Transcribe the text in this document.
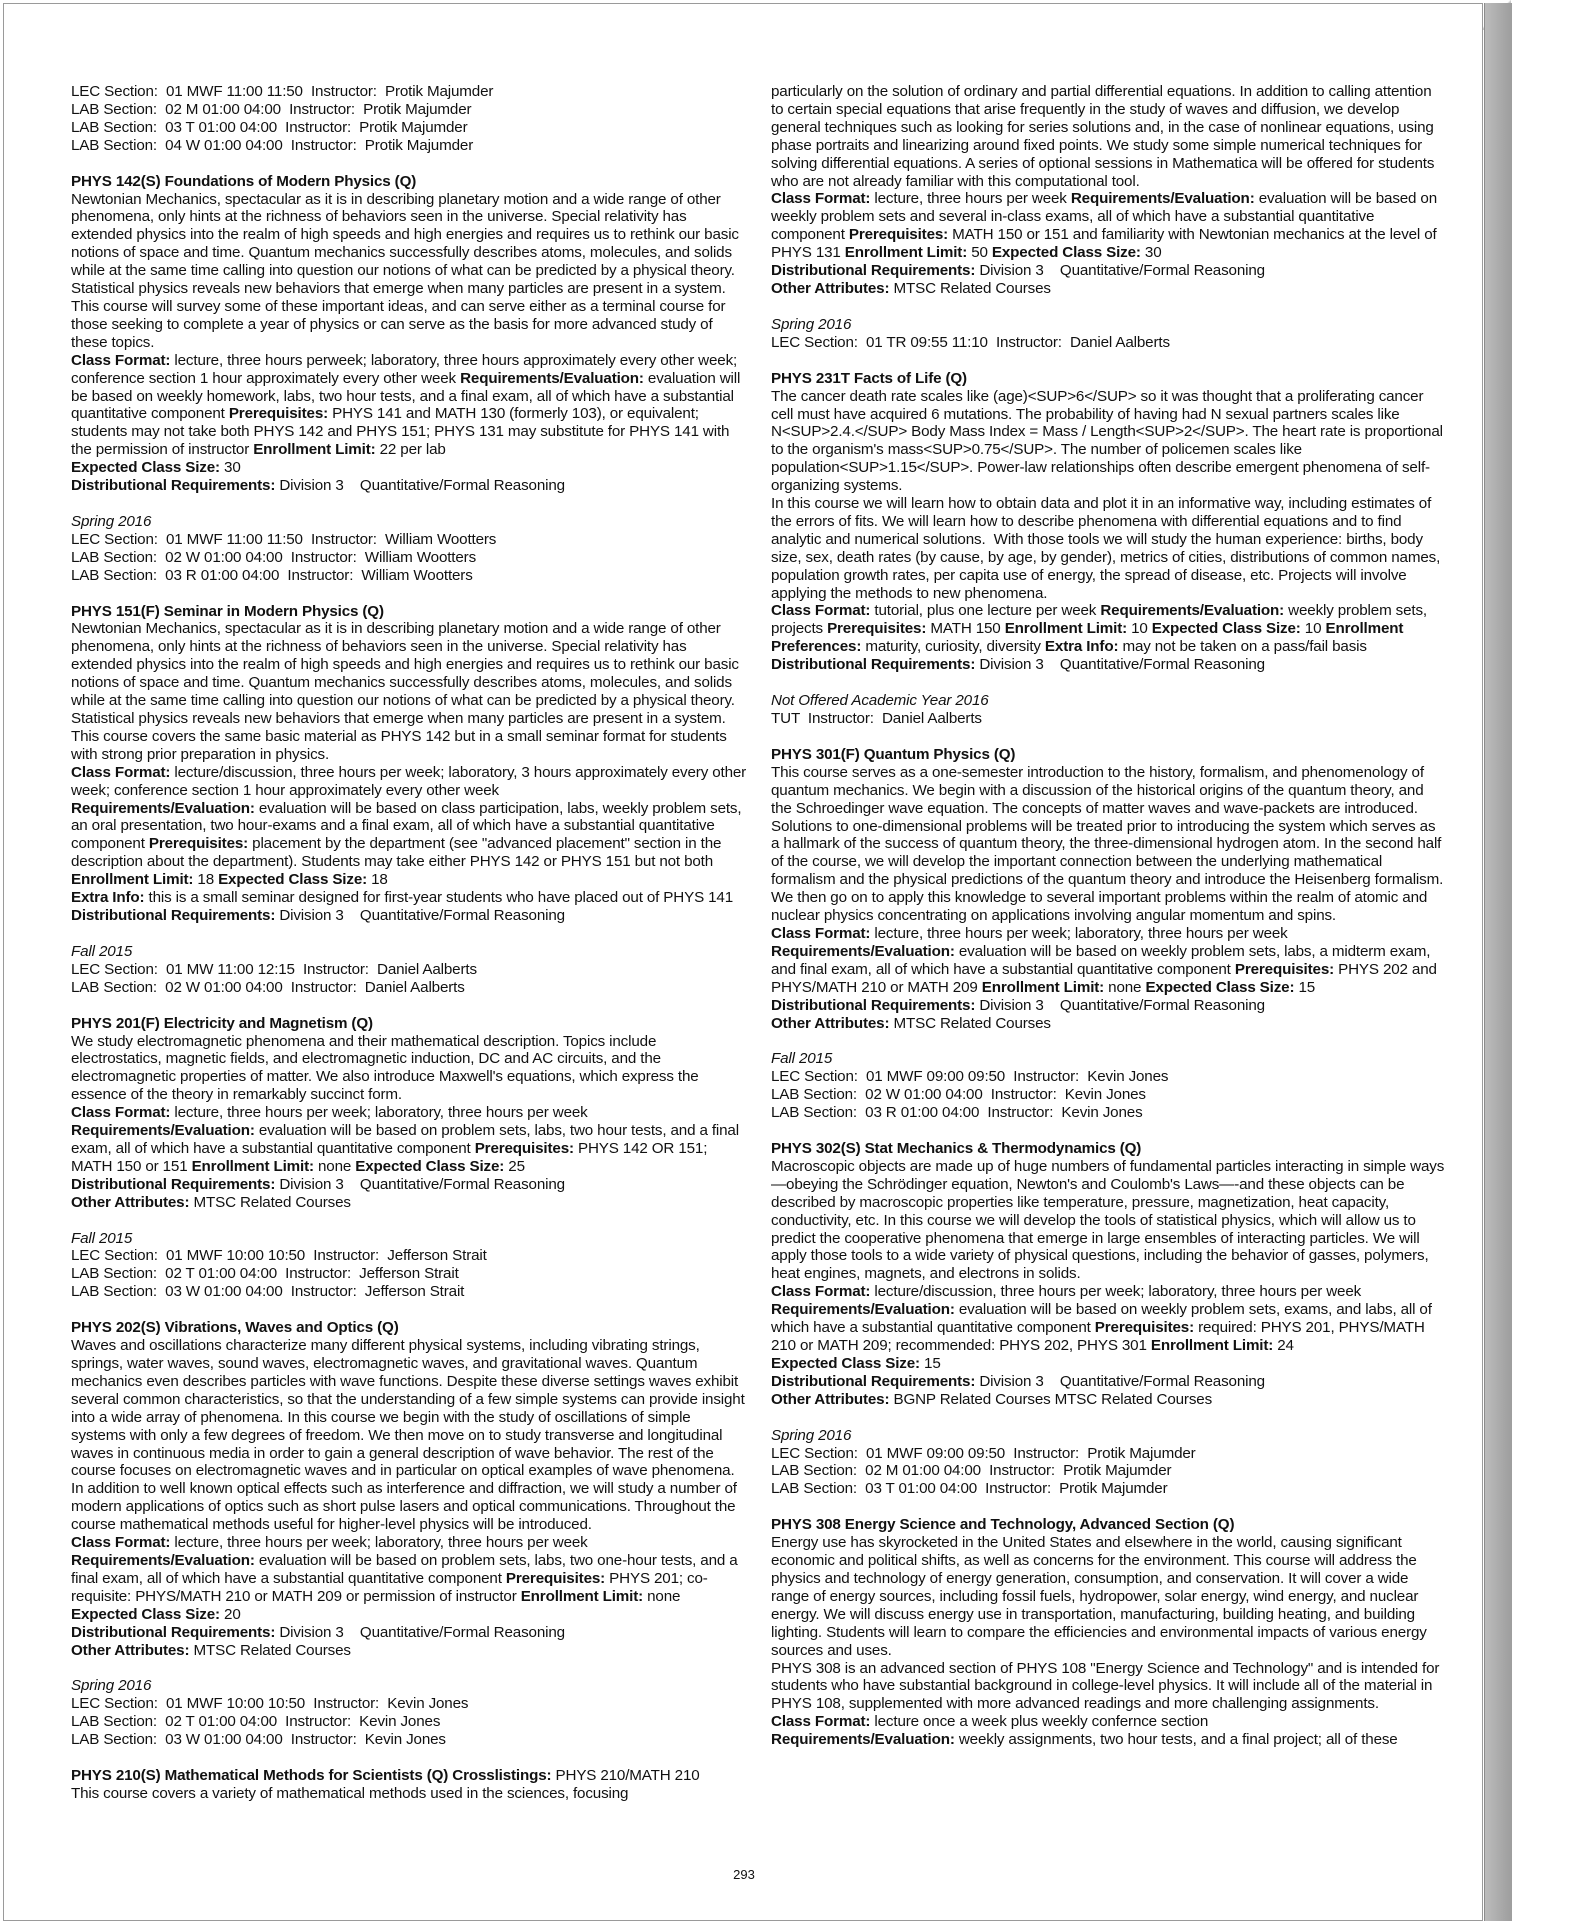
LEC Section:  01 MWF 11:00 11:50  Instructor:  Protik Majumder
LAB Section:  02 M 01:00 04:00  Instructor:  Protik Majumder
LAB Section:  03 T 01:00 04:00  Instructor:  Protik Majumder
LAB Section:  04 W 01:00 04:00  Instructor:  Protik Majumder
PHYS 142(S) Foundations of Modern Physics (Q)

Newtonian Mechanics, spectacular as it is in describing planetary motion and a wide range of other phenomena, only hints at the richness of behaviors seen in the universe. Special relativity has extended physics into the realm of high speeds and high energies and requires us to rethink our basic notions of space and time. Quantum mechanics successfully describes atoms, molecules, and solids while at the same time calling into question our notions of what can be predicted by a physical theory. Statistical physics reveals new behaviors that emerge when many particles are present in a system. This course will survey some of these important ideas, and can serve either as a terminal course for those seeking to complete a year of physics or can serve as the basis for more advanced study of these topics.

Class Format: lecture, three hours perweek; laboratory, three hours approximately every other week; conference section 1 hour approximately every other week Requirements/Evaluation: evaluation will be based on weekly homework, labs, two hour tests, and a final exam, all of which have a substantial quantitative component Prerequisites: PHYS 141 and MATH 130 (formerly 103), or equivalent; students may not take both PHYS 142 and PHYS 151; PHYS 131 may substitute for PHYS 141 with the permission of instructor Enrollment Limit: 22 per lab
Expected Class Size: 30
Distributional Requirements: Division 3    Quantitative/Formal Reasoning
Spring 2016
LEC Section:  01 MWF 11:00 11:50  Instructor:  William Wootters
LAB Section:  02 W 01:00 04:00  Instructor:  William Wootters
LAB Section:  03 R 01:00 04:00  Instructor:  William Wootters
PHYS 151(F) Seminar in Modern Physics (Q)

Newtonian Mechanics, spectacular as it is in describing planetary motion and a wide range of other phenomena, only hints at the richness of behaviors seen in the universe. Special relativity has extended physics into the realm of high speeds and high energies and requires us to rethink our basic notions of space and time. Quantum mechanics successfully describes atoms, molecules, and solids while at the same time calling into question our notions of what can be predicted by a physical theory. Statistical physics reveals new behaviors that emerge when many particles are present in a system. This course covers the same basic material as PHYS 142 but in a small seminar format for students with strong prior preparation in physics.

Class Format: lecture/discussion, three hours per week; laboratory, 3 hours approximately every other week; conference section 1 hour approximately every other week
Requirements/Evaluation: evaluation will be based on class participation, labs, weekly problem sets, an oral presentation, two hour-exams and a final exam, all of which have a substantial quantitative component Prerequisites: placement by the department (see "advanced placement" section in the description about the department). Students may take either PHYS 142 or PHYS 151 but not both Enrollment Limit: 18 Expected Class Size: 18
Extra Info: this is a small seminar designed for first-year students who have placed out of PHYS 141
Distributional Requirements: Division 3    Quantitative/Formal Reasoning
Fall 2015
LEC Section:  01 MW 11:00 12:15  Instructor:  Daniel Aalberts
LAB Section:  02 W 01:00 04:00  Instructor:  Daniel Aalberts
PHYS 201(F) Electricity and Magnetism (Q)

We study electromagnetic phenomena and their mathematical description. Topics include electrostatics, magnetic fields, and electromagnetic induction, DC and AC circuits, and the electromagnetic properties of matter. We also introduce Maxwell's equations, which express the essence of the theory in remarkably succinct form.

Class Format: lecture, three hours per week; laboratory, three hours per week
Requirements/Evaluation: evaluation will be based on problem sets, labs, two hour tests, and a final exam, all of which have a substantial quantitative component Prerequisites: PHYS 142 OR 151; MATH 150 or 151 Enrollment Limit: none Expected Class Size: 25
Distributional Requirements: Division 3    Quantitative/Formal Reasoning
Other Attributes: MTSC Related Courses
Fall 2015
LEC Section:  01 MWF 10:00 10:50  Instructor:  Jefferson Strait
LAB Section:  02 T 01:00 04:00  Instructor:  Jefferson Strait
LAB Section:  03 W 01:00 04:00  Instructor:  Jefferson Strait
PHYS 202(S) Vibrations, Waves and Optics (Q)

Waves and oscillations characterize many different physical systems, including vibrating strings, springs, water waves, sound waves, electromagnetic waves, and gravitational waves. Quantum mechanics even describes particles with wave functions. Despite these diverse settings waves exhibit several common characteristics, so that the understanding of a few simple systems can provide insight into a wide array of phenomena. In this course we begin with the study of oscillations of simple systems with only a few degrees of freedom. We then move on to study transverse and longitudinal waves in continuous media in order to gain a general description of wave behavior. The rest of the course focuses on electromagnetic waves and in particular on optical examples of wave phenomena. In addition to well known optical effects such as interference and diffraction, we will study a number of modern applications of optics such as short pulse lasers and optical communications. Throughout the course mathematical methods useful for higher-level physics will be introduced.

Class Format: lecture, three hours per week; laboratory, three hours per week
Requirements/Evaluation: evaluation will be based on problem sets, labs, two one-hour tests, and a final exam, all of which have a substantial quantitative component Prerequisites: PHYS 201; co-requisite: PHYS/MATH 210 or MATH 209 or permission of instructor Enrollment Limit: none Expected Class Size: 20
Distributional Requirements: Division 3    Quantitative/Formal Reasoning
Other Attributes: MTSC Related Courses
Spring 2016
LEC Section:  01 MWF 10:00 10:50  Instructor:  Kevin Jones
LAB Section:  02 T 01:00 04:00  Instructor:  Kevin Jones
LAB Section:  03 W 01:00 04:00  Instructor:  Kevin Jones
PHYS 210(S) Mathematical Methods for Scientists (Q) Crosslistings: PHYS 210/MATH 210

This course covers a variety of mathematical methods used in the sciences, focusing

particularly on the solution of ordinary and partial differential equations. In addition to calling attention to certain special equations that arise frequently in the study of waves and diffusion, we develop general techniques such as looking for series solutions and, in the case of nonlinear equations, using phase portraits and linearizing around fixed points. We study some simple numerical techniques for solving differential equations. A series of optional sessions in Mathematica will be offered for students who are not already familiar with this computational tool.

Class Format: lecture, three hours per week Requirements/Evaluation: evaluation will be based on weekly problem sets and several in-class exams, all of which have a substantial quantitative component Prerequisites: MATH 150 or 151 and familiarity with Newtonian mechanics at the level of PHYS 131 Enrollment Limit: 50 Expected Class Size: 30
Distributional Requirements: Division 3    Quantitative/Formal Reasoning
Other Attributes: MTSC Related Courses
Spring 2016
LEC Section:  01 TR 09:55 11:10  Instructor:  Daniel Aalberts
PHYS 231T Facts of Life (Q)

The cancer death rate scales like (age)<SUP>6</SUP> so it was thought that a proliferating cancer cell must have acquired 6 mutations. The probability of having had N sexual partners scales like N<SUP>2.4.</SUP> Body Mass Index = Mass / Length<SUP>2</SUP>. The heart rate is proportional to the organism's mass<SUP>0.75</SUP>. The number of policemen scales like population<SUP>1.15</SUP>. Power-law relationships often describe emergent phenomena of self-organizing systems.

In this course we will learn how to obtain data and plot it in an informative way, including estimates of the errors of fits. We will learn how to describe phenomena with differential equations and to find analytic and numerical solutions.  With those tools we will study the human experience: births, body size, sex, death rates (by cause, by age, by gender), metrics of cities, distributions of common names, population growth rates, per capita use of energy, the spread of disease, etc. Projects will involve applying the methods to new phenomena.

Class Format: tutorial, plus one lecture per week Requirements/Evaluation: weekly problem sets, projects Prerequisites: MATH 150 Enrollment Limit: 10 Expected Class Size: 10 Enrollment Preferences: maturity, curiosity, diversity Extra Info: may not be taken on a pass/fail basis
Distributional Requirements: Division 3    Quantitative/Formal Reasoning
Not Offered Academic Year 2016
TUT  Instructor:  Daniel Aalberts
PHYS 301(F) Quantum Physics (Q)

This course serves as a one-semester introduction to the history, formalism, and phenomenology of quantum mechanics. We begin with a discussion of the historical origins of the quantum theory, and the Schroedinger wave equation. The concepts of matter waves and wave-packets are introduced.

Solutions to one-dimensional problems will be treated prior to introducing the system which serves as a hallmark of the success of quantum theory, the three-dimensional hydrogen atom. In the second half of the course, we will develop the important connection between the underlying mathematical formalism and the physical predictions of the quantum theory and introduce the Heisenberg formalism. We then go on to apply this knowledge to several important problems within the realm of atomic and nuclear physics concentrating on applications involving angular momentum and spins.

Class Format: lecture, three hours per week; laboratory, three hours per week
Requirements/Evaluation: evaluation will be based on weekly problem sets, labs, a midterm exam, and final exam, all of which have a substantial quantitative component Prerequisites: PHYS 202 and PHYS/MATH 210 or MATH 209 Enrollment Limit: none Expected Class Size: 15
Distributional Requirements: Division 3    Quantitative/Formal Reasoning
Other Attributes: MTSC Related Courses
Fall 2015
LEC Section:  01 MWF 09:00 09:50  Instructor:  Kevin Jones
LAB Section:  02 W 01:00 04:00  Instructor:  Kevin Jones
LAB Section:  03 R 01:00 04:00  Instructor:  Kevin Jones
PHYS 302(S) Stat Mechanics & Thermodynamics (Q)

Macroscopic objects are made up of huge numbers of fundamental particles interacting in simple ways—obeying the Schrödinger equation, Newton's and Coulomb's Laws—-and these objects can be described by macroscopic properties like temperature, pressure, magnetization, heat capacity, conductivity, etc. In this course we will develop the tools of statistical physics, which will allow us to predict the cooperative phenomena that emerge in large ensembles of interacting particles. We will apply those tools to a wide variety of physical questions, including the behavior of gasses, polymers, heat engines, magnets, and electrons in solids.

Class Format: lecture/discussion, three hours per week; laboratory, three hours per week
Requirements/Evaluation: evaluation will be based on weekly problem sets, exams, and labs, all of which have a substantial quantitative component Prerequisites: required: PHYS 201, PHYS/MATH 210 or MATH 209; recommended: PHYS 202, PHYS 301 Enrollment Limit: 24
Expected Class Size: 15
Distributional Requirements: Division 3    Quantitative/Formal Reasoning
Other Attributes: BGNP Related Courses MTSC Related Courses
Spring 2016
LEC Section:  01 MWF 09:00 09:50  Instructor:  Protik Majumder
LAB Section:  02 M 01:00 04:00  Instructor:  Protik Majumder
LAB Section:  03 T 01:00 04:00  Instructor:  Protik Majumder
PHYS 308 Energy Science and Technology, Advanced Section (Q)

Energy use has skyrocketed in the United States and elsewhere in the world, causing significant economic and political shifts, as well as concerns for the environment. This course will address the physics and technology of energy generation, consumption, and conservation. It will cover a wide range of energy sources, including fossil fuels, hydropower, solar energy, wind energy, and nuclear energy. We will discuss energy use in transportation, manufacturing, building heating, and building lighting. Students will learn to compare the efficiencies and environmental impacts of various energy sources and uses.

PHYS 308 is an advanced section of PHYS 108 "Energy Science and Technology" and is intended for students who have substantial background in college-level physics. It will include all of the material in PHYS 108, supplemented with more advanced readings and more challenging assignments.

Class Format: lecture once a week plus weekly confernce section
Requirements/Evaluation: weekly assignments, two hour tests, and a final project; all of these
293
